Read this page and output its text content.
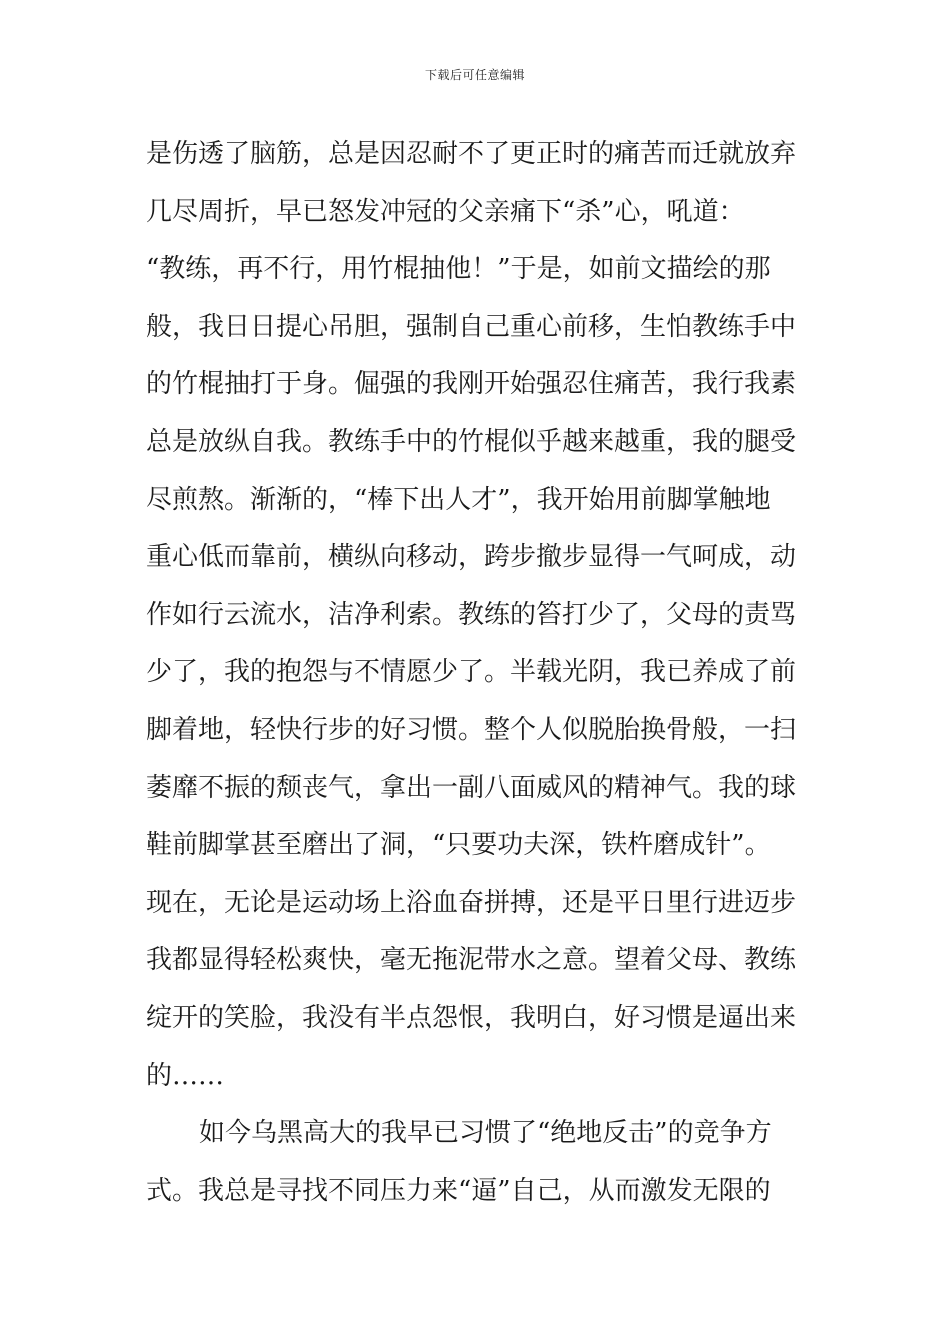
下载后可任意编辑
是伤透了脑筋，总是因忍耐不了更正时的痛苦而迁就放弃
几尽周折，早已怒发冲冠的父亲痛下“杀”心，吼道：
“教练，再不行，用竹棍抽他！”于是，如前文描绘的那
般，我日日提心吊胆，强制自己重心前移，生怕教练手中
的竹棍抽打于身。倔强的我刚开始强忍住痛苦，我行我素
总是放纵自我。教练手中的竹棍似乎越来越重，我的腿受
尽煎熬。渐渐的，“棒下出人才”，我开始用前脚掌触地
重心低而靠前，横纵向移动，跨步撤步显得一气呵成，动
作如行云流水，洁净利索。教练的笞打少了，父母的责骂
少了，我的抱怨与不情愿少了。半载光阴，我已养成了前
脚着地，轻快行步的好习惯。整个人似脱胎换骨般，一扫
萎靡不振的颓丧气，拿出一副八面威风的精神气。我的球
鞋前脚掌甚至磨出了洞，“只要功夫深，铁杵磨成针”。
现在，无论是运动场上浴血奋拼搏，还是平日里行进迈步
我都显得轻松爽快，毫无拖泥带水之意。望着父母、教练
绽开的笑脸，我没有半点怨恨，我明白，好习惯是逼出来
的……
如今乌黑高大的我早已习惯了“绝地反击”的竞争方
式。我总是寻找不同压力来“逼”自己，从而激发无限的
